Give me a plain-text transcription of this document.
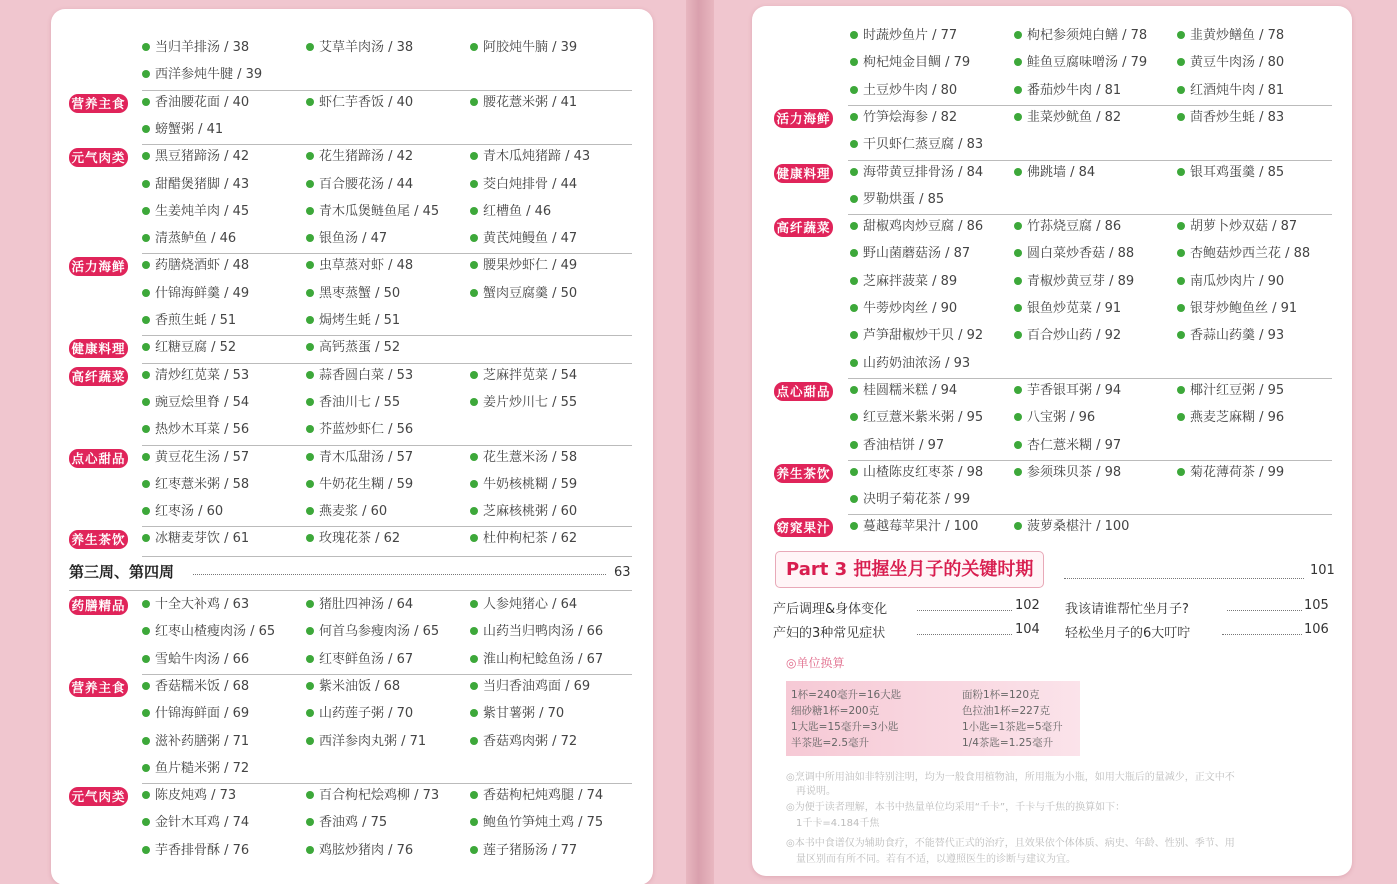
当归羊排汤 / 38	艾草羊肉汤 / 38	阿胶炖牛腩 / 39
西洋参炖牛腱 / 39
营养主食	香油腰花面 / 40	虾仁芋香饭 / 40	腰花薏米粥 / 41
螃蟹粥 / 41
元气肉类	黑豆猪蹄汤 / 42	花生猪蹄汤 / 42	青木瓜炖猪蹄 / 43
甜醋煲猪脚 / 43	百合腰花汤 / 44	茭白炖排骨 / 44
生姜炖羊肉 / 45	青木瓜煲鲢鱼尾 / 45	红槽鱼 / 46
清蒸鲈鱼 / 46	银鱼汤 / 47	黄芪炖鳗鱼 / 47
活力海鲜	药膳烧酒虾 / 48	虫草蒸对虾 / 48	腰果炒虾仁 / 49
什锦海鲜羹 / 49	黑枣蒸蟹 / 50	蟹肉豆腐羹 / 50
香煎生蚝 / 51	焗烤生蚝 / 51
健康料理	红糖豆腐 / 52	高钙蒸蛋 / 52
高纤蔬菜	清炒红苋菜 / 53	蒜香圆白菜 / 53	芝麻拌苋菜 / 54
豌豆烩里脊 / 54	香油川七 / 55	姜片炒川七 / 55
热炒木耳菜 / 56	芥蓝炒虾仁 / 56
点心甜品	黄豆花生汤 / 57	青木瓜甜汤 / 57	花生薏米汤 / 58
红枣薏米粥 / 58	牛奶花生糊 / 59	牛奶核桃糊 / 59
红枣汤 / 60	燕麦浆 / 60	芝麻核桃粥 / 60
养生茶饮	冰糖麦芽饮 / 61	玫瑰花茶 / 62	杜仲枸杞茶 / 62
第三周、第四周	63
药膳精品	十全大补鸡 / 63	猪肚四神汤 / 64	人参炖猪心 / 64
红枣山楂瘦肉汤 / 65	何首乌参瘦肉汤 / 65	山药当归鸭肉汤 / 66
雪蛤牛肉汤 / 66	红枣鲜鱼汤 / 67	淮山枸杞鲶鱼汤 / 67
营养主食	香菇糯米饭 / 68	紫米油饭 / 68	当归香油鸡面 / 69
什锦海鲜面 / 69	山药莲子粥 / 70	紫甘薯粥 / 70
滋补药膳粥 / 71	西洋参肉丸粥 / 71	香菇鸡肉粥 / 72
鱼片糙米粥 / 72
元气肉类	陈皮炖鸡 / 73	百合枸杞烩鸡柳 / 73	香菇枸杞炖鸡腿 / 74
金针木耳鸡 / 74	香油鸡 / 75	鲍鱼竹笋炖土鸡 / 75
芋香排骨酥 / 76	鸡胘炒猪肉 / 76	莲子猪肠汤 / 77
Part 3 把握坐月子的关键时期	101
产后调理&身体变化	102 我该请谁帮忙坐月子?	105
产妇的3种常见症状	104 轻松坐月子的6大叮咛	106
◎单位换算
1杯=240毫升=16大匙	面粉1杯=120克
细砂糖1杯=200克	色拉油1杯=227克
1大匙=15毫升=3小匙	1小匙=1茶匙=5毫升
半茶匙=2.5毫升	1/4茶匙=1.25毫升
◎烹调中所用油如非特别注明，均为一般食用植物油，所用瓶为小瓶，如用大瓶后的量减少，正文中不
再说明。
◎为便于读者理解，本书中热量单位均采用“千卡”，千卡与千焦的换算如下：
1千卡=4.184千焦
◎本书中食谱仅为辅助食疗，不能替代正式的治疗，且效果依个体体质、病史、年龄、性别、季节、用
量区别而有所不同。若有不适，以遵照医生的诊断与建议为宜。
时蔬炒鱼片 / 77	枸杞参须炖白鳝 / 78	韭黄炒鳝鱼 / 78
枸杞炖金目鲷 / 79	鲑鱼豆腐味噌汤 / 79	黄豆牛肉汤 / 80
土豆炒牛肉 / 80	番茄炒牛肉 / 81	红酒炖牛肉 / 81
活力海鲜	竹笋烩海参 / 82	韭菜炒鱿鱼 / 82	茴香炒生蚝 / 83
干贝虾仁蒸豆腐 / 83
健康料理	海带黄豆排骨汤 / 84	佛跳墙 / 84	银耳鸡蛋羹 / 85
罗勒烘蛋 / 85
高纤蔬菜	甜椒鸡肉炒豆腐 / 86	竹荪烧豆腐 / 86	胡萝卜炒双菇 / 87
野山菌蘑菇汤 / 87	圆白菜炒香菇 / 88	杏鲍菇炒西兰花 / 88
芝麻拌菠菜 / 89	青椒炒黄豆芽 / 89	南瓜炒肉片 / 90
牛蒡炒肉丝 / 90	银鱼炒苋菜 / 91	银芽炒鲍鱼丝 / 91
芦笋甜椒炒干贝 / 92	百合炒山药 / 92	香蒜山药羹 / 93
山药奶油浓汤 / 93
点心甜品	桂圆糯米糕 / 94	芋香银耳粥 / 94	椰汁红豆粥 / 95
红豆薏米紫米粥 / 95	八宝粥 / 96	燕麦芝麻糊 / 96
香油桔饼 / 97	杏仁薏米糊 / 97
养生茶饮	山楂陈皮红枣茶 / 98	参须珠贝茶 / 98	菊花薄荷茶 / 99
决明子菊花茶 / 99
窈窕果汁	蔓越莓苹果汁 / 100	菠萝桑椹汁 / 100
